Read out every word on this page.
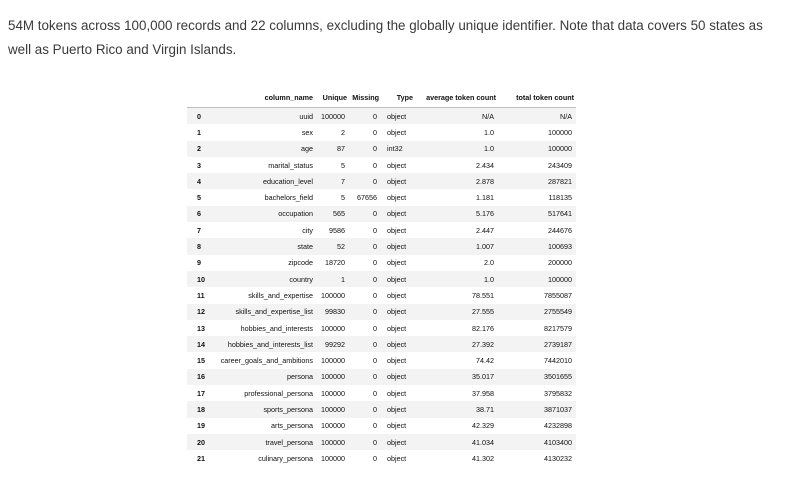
54M tokens across 100,000 records and 22 columns, excluding the globally unique identifier. Note that data covers 50 states as well as Puerto Rico and Virgin Islands.

	column_name	Unique	Missing	Type	average token count	total token count
0	uuid	100000	0	object	N/A	N/A
1	sex	2	0	object	1.0	100000
2	age	87	0	int32	1.0	100000
3	marital_status	5	0	object	2.434	243409
4	education_level	7	0	object	2.878	287821
5	bachelors_field	5	67656	object	1.181	118135
6	occupation	565	0	object	5.176	517641
7	city	9586	0	object	2.447	244676
8	state	52	0	object	1.007	100693
9	zipcode	18720	0	object	2.0	200000
10	country	1	0	object	1.0	100000
11	skills_and_expertise	100000	0	object	78.551	7855087
12	skills_and_expertise_list	99830	0	object	27.555	2755549
13	hobbies_and_interests	100000	0	object	82.176	8217579
14	hobbies_and_interests_list	99292	0	object	27.392	2739187
15	career_goals_and_ambitions	100000	0	object	74.42	7442010
16	persona	100000	0	object	35.017	3501655
17	professional_persona	100000	0	object	37.958	3795832
18	sports_persona	100000	0	object	38.71	3871037
19	arts_persona	100000	0	object	42.329	4232898
20	travel_persona	100000	0	object	41.034	4103400
21	culinary_persona	100000	0	object	41.302	4130232
